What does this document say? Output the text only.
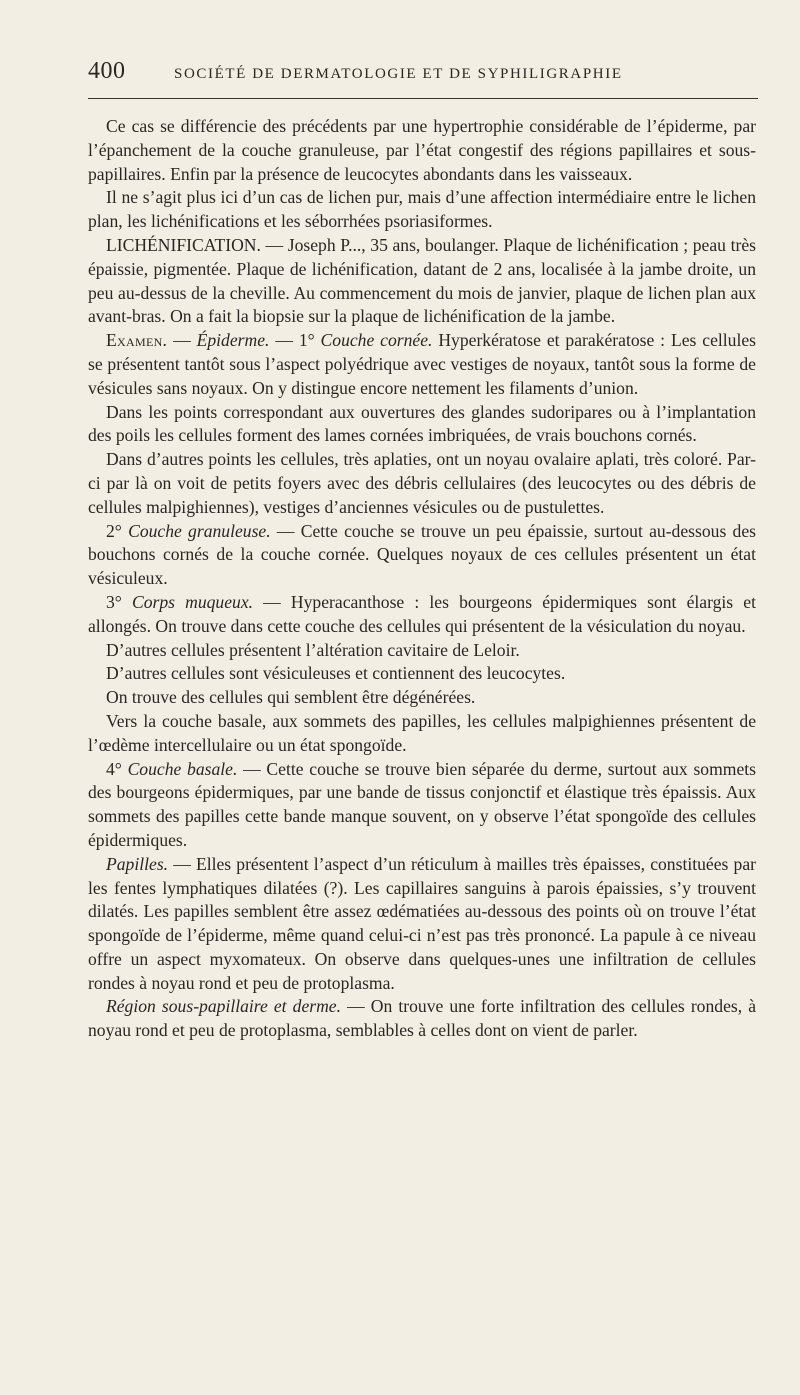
400	SOCIÉTÉ DE DERMATOLOGIE ET DE SYPHILIGRAPHIE

Ce cas se différencie des précédents par une hypertrophie considérable de l’épiderme, par l’épanchement de la couche granuleuse, par l’état congestif des régions papillaires et sous-papillaires. Enfin par la présence de leucocytes abondants dans les vaisseaux.

Il ne s’agit plus ici d’un cas de lichen pur, mais d’une affection intermédiaire entre le lichen plan, les lichénifications et les séborrhées psoriasiformes.

LICHÉNIFICATION. — Joseph P..., 35 ans, boulanger. Plaque de lichénification ; peau très épaissie, pigmentée. Plaque de lichénification, datant de 2 ans, localisée à la jambe droite, un peu au-dessus de la cheville. Au commencement du mois de janvier, plaque de lichen plan aux avant-bras. On a fait la biopsie sur la plaque de lichénification de la jambe.

Examen. — Épiderme. — 1° Couche cornée. Hyperkératose et parakératose : Les cellules se présentent tantôt sous l’aspect polyédrique avec vestiges de noyaux, tantôt sous la forme de vésicules sans noyaux. On y distingue encore nettement les filaments d’union.

Dans les points correspondant aux ouvertures des glandes sudoripares ou à l’implantation des poils les cellules forment des lames cornées imbriquées, de vrais bouchons cornés.

Dans d’autres points les cellules, très aplaties, ont un noyau ovalaire aplati, très coloré. Par-ci par là on voit de petits foyers avec des débris cellulaires (des leucocytes ou des débris de cellules malpighiennes), vestiges d’anciennes vésicules ou de pustulettes.

2° Couche granuleuse. — Cette couche se trouve un peu épaissie, surtout au-dessous des bouchons cornés de la couche cornée. Quelques noyaux de ces cellules présentent un état vésiculeux.

3° Corps muqueux. — Hyperacanthose : les bourgeons épidermiques sont élargis et allongés. On trouve dans cette couche des cellules qui présentent de la vésiculation du noyau.

D’autres cellules présentent l’altération cavitaire de Leloir.

D’autres cellules sont vésiculeuses et contiennent des leucocytes.

On trouve des cellules qui semblent être dégénérées.

Vers la couche basale, aux sommets des papilles, les cellules malpighiennes présentent de l’œdème intercellulaire ou un état spongoïde.

4° Couche basale. — Cette couche se trouve bien séparée du derme, surtout aux sommets des bourgeons épidermiques, par une bande de tissus conjonctif et élastique très épaissis. Aux sommets des papilles cette bande manque souvent, on y observe l’état spongoïde des cellules épidermiques.

Papilles. — Elles présentent l’aspect d’un réticulum à mailles très épaisses, constituées par les fentes lymphatiques dilatées (?). Les capillaires sanguins à parois épaissies, s’y trouvent dilatés. Les papilles semblent être assez œdématiées au-dessous des points où on trouve l’état spongoïde de l’épiderme, même quand celui-ci n’est pas très prononcé. La papule à ce niveau offre un aspect myxomateux. On observe dans quelques-unes une infiltration de cellules rondes à noyau rond et peu de protoplasma.

Région sous-papillaire et derme. — On trouve une forte infiltration des cellules rondes, à noyau rond et peu de protoplasma, semblables à celles dont on vient de parler.
